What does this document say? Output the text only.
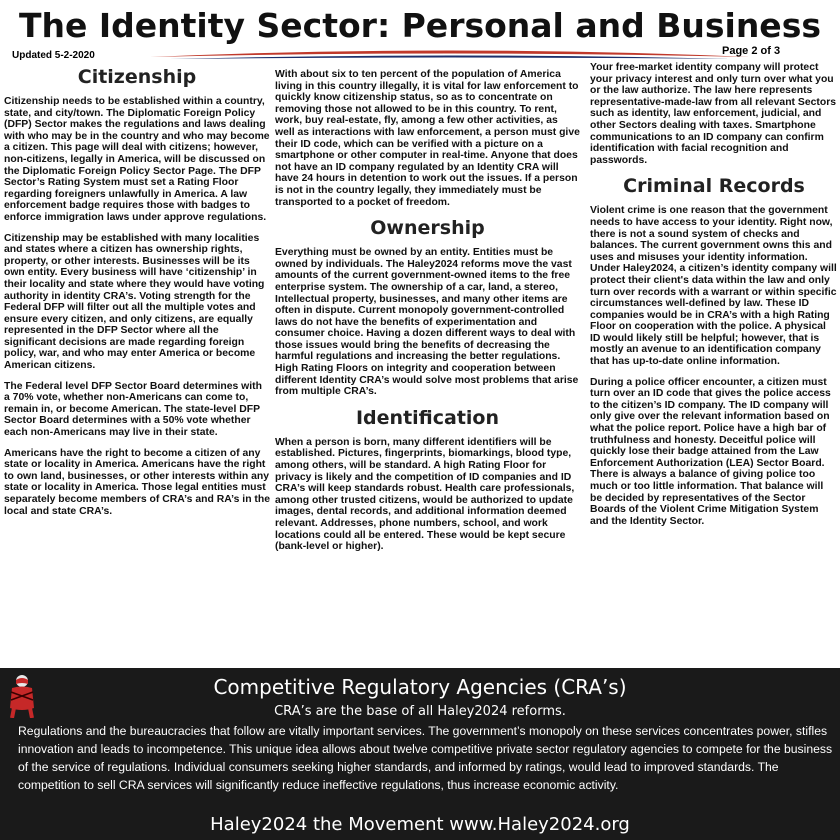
The Identity Sector: Personal and Business
Updated 5-2-2020	Page 2 of 3
Citizenship

Citizenship needs to be established within a country, state, and city/town. The Diplomatic Foreign Policy (DFP) Sector makes the regulations and laws dealing with who may be in the country and who may become a citizen. This page will deal with citizens; however, non-citizens, legally in America, will be discussed on the Diplomatic Foreign Policy Sector Page. The DFP Sector’s Rating System must set a Rating Floor regarding foreigners unlawfully in America. A law enforcement badge requires those with badges to enforce immigration laws under approve regulations.

Citizenship may be established with many localities and states where a citizen has ownership rights, property, or other interests. Businesses will be its own entity. Every business will have ‘citizenship’ in their locality and state where they would have voting authority in identity CRA’s. Voting strength for the Federal DFP will filter out all the multiple votes and ensure every citizen, and only citizens, are equally represented in the DFP Sector where all the significant decisions are made regarding foreign policy, war, and who may enter America or become American citizens.

The Federal level DFP Sector Board determines with a 70% vote, whether non-Americans can come to, remain in, or become American. The state-level DFP Sector Board determines with a 50% vote whether each non-Americans may live in their state.

Americans have the right to become a citizen of any state or locality in America. Americans have the right to own land, businesses, or other interests within any state or locality in America. Those legal entities must separately become members of CRA’s and RA’s in the local and state CRA’s.

With about six to ten percent of the population of America living in this country illegally, it is vital for law enforcement to quickly know citizenship status, so as to concentrate on removing those not allowed to be in this country. To rent, work, buy real-estate, fly, among a few other activities, as well as interactions with law enforcement, a person must give their ID code, which can be verified with a picture on a smartphone or other computer in real-time. Anyone that does not have an ID company regulated by an Identity CRA will have 24 hours in detention to work out the issues. If a person is not in the country legally, they immediately must be transported to a pocket of freedom.

Ownership

Everything must be owned by an entity. Entities must be owned by individuals. The Haley2024 reforms move the vast amounts of the current government-owned items to the free enterprise system. The ownership of a car, land, a stereo, Intellectual property, businesses, and many other items are often in dispute. Current monopoly government-controlled laws do not have the benefits of experimentation and consumer choice. Having a dozen different ways to deal with those issues would bring the benefits of decreasing the harmful regulations and increasing the better regulations. High Rating Floors on integrity and cooperation between different Identity CRA’s would solve most problems that arise from multiple CRA’s.

Identification

When a person is born, many different identifiers will be established. Pictures, fingerprints, biomarkings, blood type, among others, will be standard. A high Rating Floor for privacy is likely and the competition of ID companies and ID CRA’s will keep standards robust. Health care professionals, among other trusted citizens, would be authorized to update images, dental records, and additional information deemed relevant. Addresses, phone numbers, school, and work locations could all be entered. These would be kept secure (bank-level or higher).

Your free-market identity company will protect your privacy interest and only turn over what you or the law authorize. The law here represents representative-made-law from all relevant Sectors such as identity, law enforcement, judicial, and other Sectors dealing with taxes. Smartphone communications to an ID company can confirm identification with facial recognition and passwords.

Criminal Records

Violent crime is one reason that the government needs to have access to your identity. Right now, there is not a sound system of checks and balances. The current government owns this and uses and misuses your identity information. Under Haley2024, a citizen’s identity company will protect their client's data within the law and only turn over records with a warrant or within specific circumstances well-defined by law. These ID companies would be in CRA’s with a high Rating Floor on cooperation with the police. A physical ID would likely still be helpful; however, that is mostly an avenue to an identification company that has up-to-date online information.

During a police officer encounter, a citizen must turn over an ID code that gives the police access to the citizen’s ID company. The ID company will only give over the relevant information based on what the police report. Police have a high bar of truthfulness and honesty. Deceitful police will quickly lose their badge attained from the Law Enforcement Authorization (LEA) Sector Board. There is always a balance of giving police too much or too little information. That balance will be decided by representatives of the Sector Boards of the Violent Crime Mitigation System and the Identity Sector.

Competitive Regulatory Agencies (CRA’s)
CRA’s are the base of all Haley2024 reforms.
Regulations and the bureaucracies that follow are vitally important services. The government’s monopoly on these services concentrates power, stifles innovation and leads to incompetence. This unique idea allows about twelve competitive private sector regulatory agencies to compete for the business of the service of regulations. Individual consumers seeking higher standards, and informed by ratings, would lead to improved standards. The competition to sell CRA services will significantly reduce ineffective regulations, thus increase economic activity.
Haley2024 the Movement www.Haley2024.org
